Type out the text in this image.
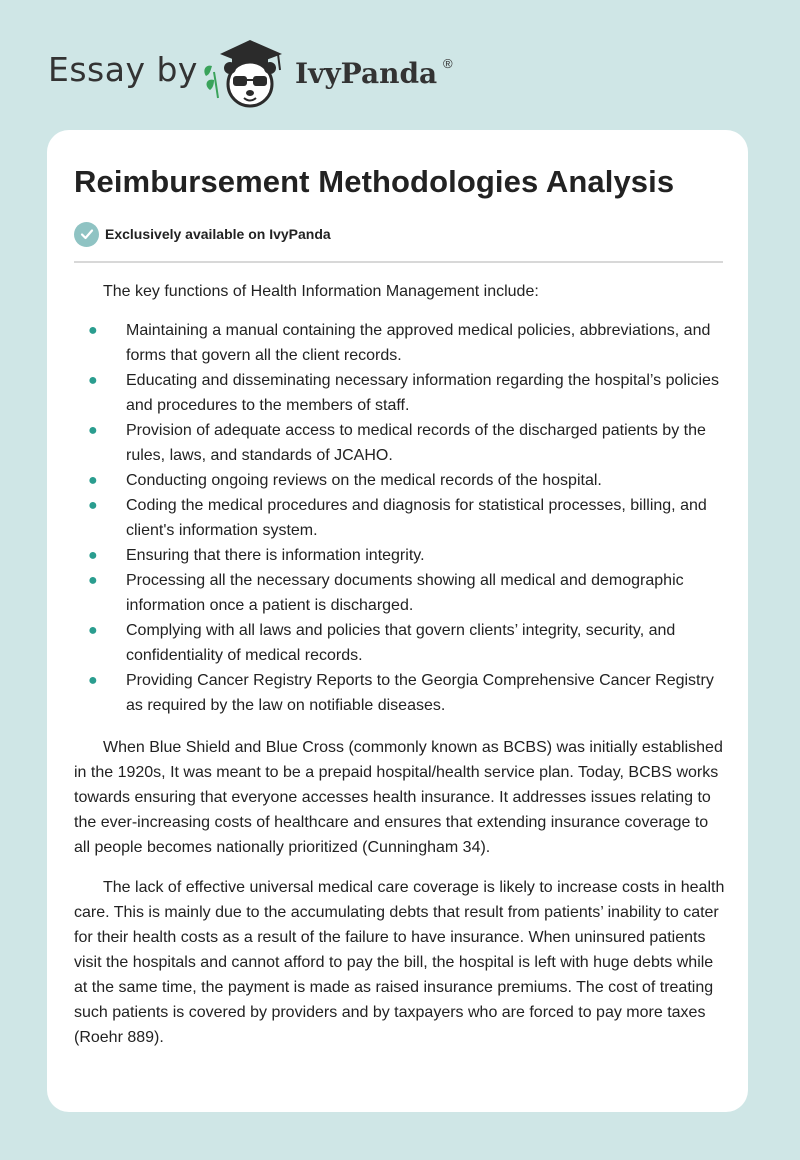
Essay by	IvyPanda ®
Reimbursement Methodologies Analysis
Exclusively available on IvyPanda

The key functions of Health Information Management include:

● Maintaining a manual containing the approved medical policies, abbreviations, and forms that govern all the client records.
● Educating and disseminating necessary information regarding the hospital’s policies and procedures to the members of staff.
● Provision of adequate access to medical records of the discharged patients by the rules, laws, and standards of JCAHO.
● Conducting ongoing reviews on the medical records of the hospital.
● Coding the medical procedures and diagnosis for statistical processes, billing, and client's information system.
● Ensuring that there is information integrity.
● Processing all the necessary documents showing all medical and demographic information once a patient is discharged.
● Complying with all laws and policies that govern clients’ integrity, security, and confidentiality of medical records.
● Providing Cancer Registry Reports to the Georgia Comprehensive Cancer Registry as required by the law on notifiable diseases.

When Blue Shield and Blue Cross (commonly known as BCBS) was initially established in the 1920s, It was meant to be a prepaid hospital/health service plan. Today, BCBS works towards ensuring that everyone accesses health insurance. It addresses issues relating to the ever-increasing costs of healthcare and ensures that extending insurance coverage to all people becomes nationally prioritized (Cunningham 34).

The lack of effective universal medical care coverage is likely to increase costs in health care. This is mainly due to the accumulating debts that result from patients’ inability to cater for their health costs as a result of the failure to have insurance. When uninsured patients visit the hospitals and cannot afford to pay the bill, the hospital is left with huge debts while at the same time, the payment is made as raised insurance premiums. The cost of treating such patients is covered by providers and by taxpayers who are forced to pay more taxes (Roehr 889).
